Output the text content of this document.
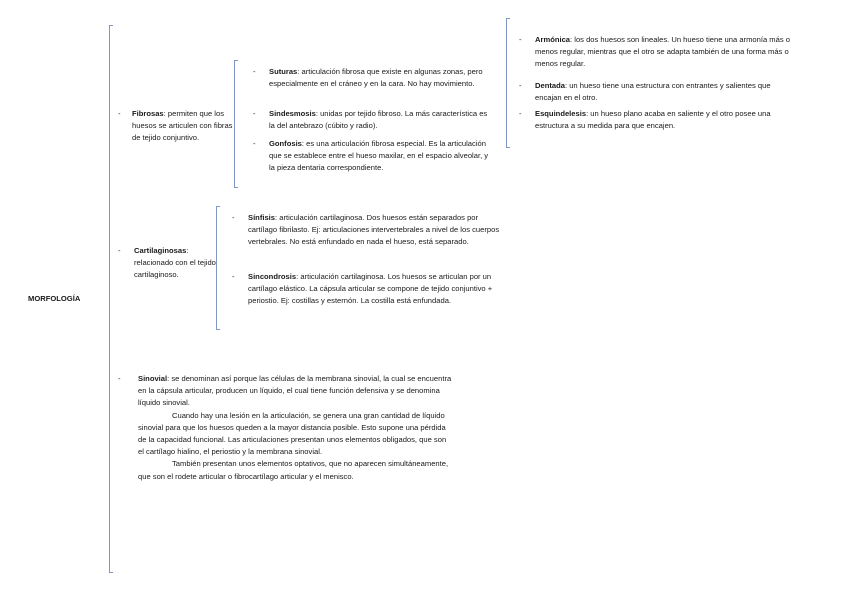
MORFOLOGÍA
-	Fibrosas: permiten que los huesos se articulen con fibras de tejido conjuntivo.
-	Suturas: articulación fibrosa que existe en algunas zonas, pero especialmente en el cráneo y en la cara. No hay movimiento.
-	Sindesmosis: unidas por tejido fibroso. La más característica es la del antebrazo (cúbito y radio).
-	Gonfosis: es una articulación fibrosa especial. Es la articulación que se establece entre el hueso maxilar, en el espacio alveolar, y la pieza dentaria correspondiente.
-	Armónica: los dos huesos son lineales. Un hueso tiene una armonía más o menos regular, mientras que el otro se adapta también de una forma más o menos regular.
-	Dentada: un hueso tiene una estructura con entrantes y salientes que encajan en el otro.
-	Esquindelesis: un hueso plano acaba en saliente y el otro posee una estructura a su medida para que encajen.
-	Cartilaginosas: relacionado con el tejido cartilaginoso.
-	Sínfisis: articulación cartilaginosa. Dos huesos están separados por cartílago fibrilasto. Ej: articulaciones intervertebrales a nivel de los cuerpos vertebrales. No está enfundado en nada el hueso, está separado.
-	Sincondrosis: articulación cartilaginosa. Los huesos se articulan por un cartílago elástico. La cápsula articular se compone de tejido conjuntivo + periostio. Ej: costillas y esternón. La costilla está enfundada.
-	Sinovial: se denominan así porque las células de la membrana sinovial, la cual se encuentra en la cápsula articular, producen un líquido, el cual tiene función defensiva y se denomina líquido sinovial.
Cuando hay una lesión en la articulación, se genera una gran cantidad de líquido sinovial para que los huesos queden a la mayor distancia posible. Esto supone una pérdida de la capacidad funcional. Las articulaciones presentan unos elementos obligados, que son el cartílago hialino, el periostio y la membrana sinovial.
También presentan unos elementos optativos, que no aparecen simultáneamente, que son el rodete articular o fibrocartílago articular y el menisco.
